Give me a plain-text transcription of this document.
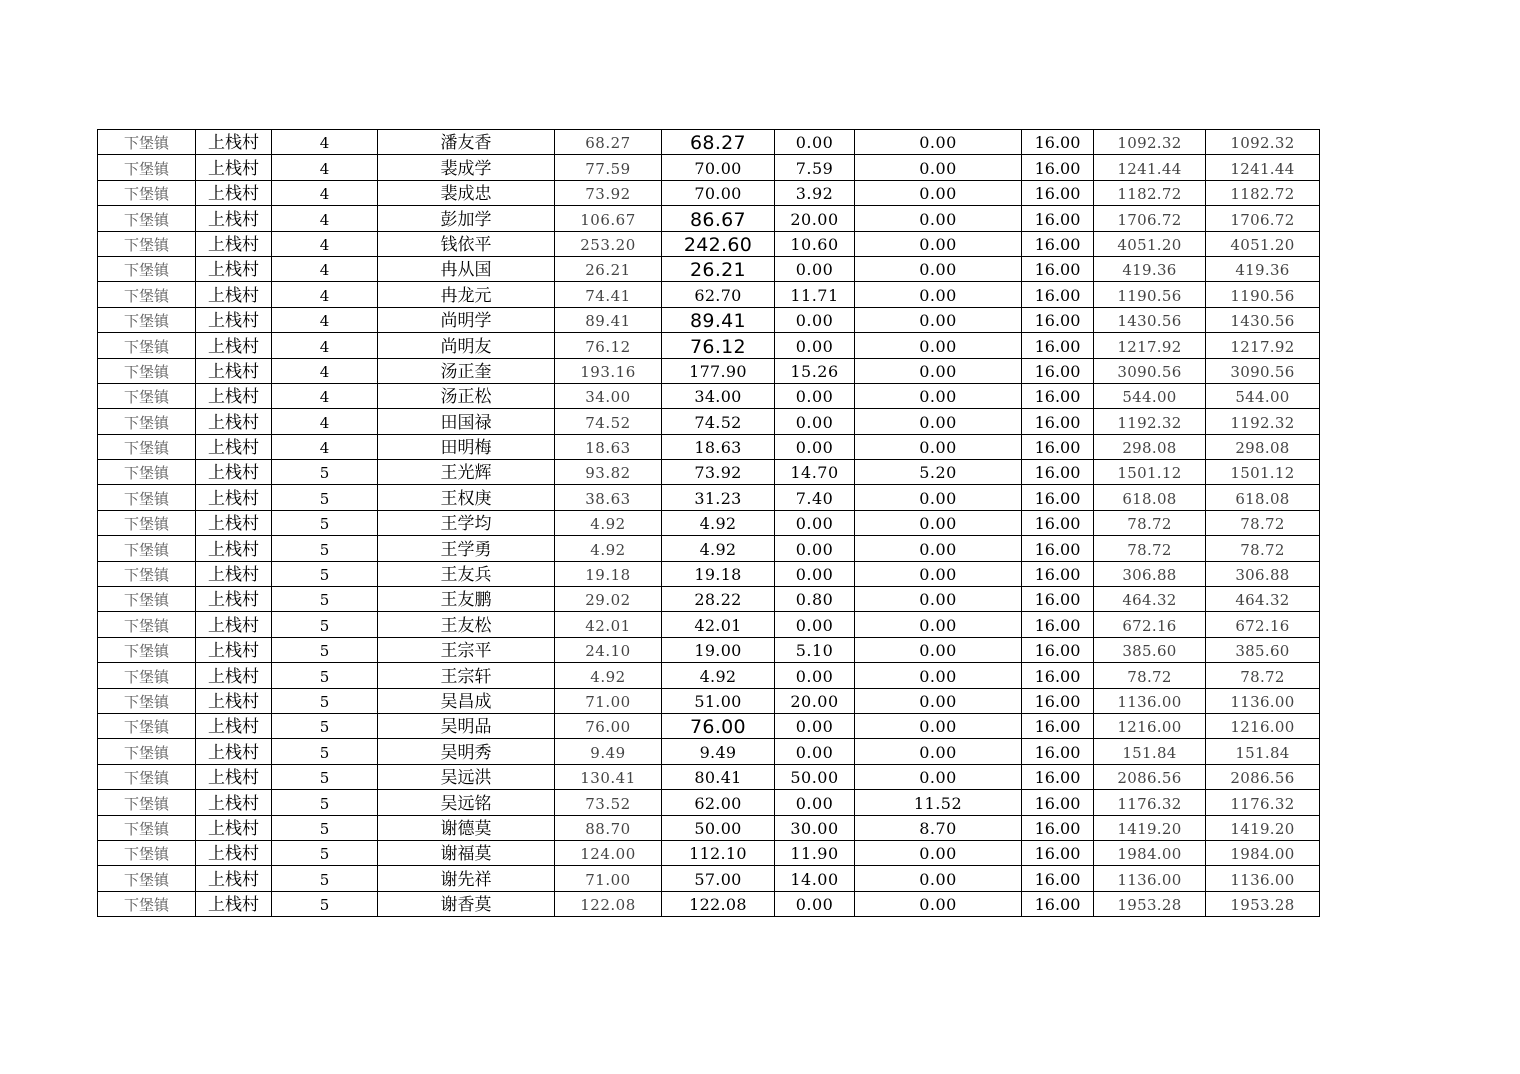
下堡镇	上栈村	4	潘友香	68.27	68.27	0.00	0.00	16.00	1092.32	1092.32
下堡镇	上栈村	4	裴成学	77.59	70.00	7.59	0.00	16.00	1241.44	1241.44
下堡镇	上栈村	4	裴成忠	73.92	70.00	3.92	0.00	16.00	1182.72	1182.72
下堡镇	上栈村	4	彭加学	106.67	86.67	20.00	0.00	16.00	1706.72	1706.72
下堡镇	上栈村	4	钱依平	253.20	242.60	10.60	0.00	16.00	4051.20	4051.20
下堡镇	上栈村	4	冉从国	26.21	26.21	0.00	0.00	16.00	419.36	419.36
下堡镇	上栈村	4	冉龙元	74.41	62.70	11.71	0.00	16.00	1190.56	1190.56
下堡镇	上栈村	4	尚明学	89.41	89.41	0.00	0.00	16.00	1430.56	1430.56
下堡镇	上栈村	4	尚明友	76.12	76.12	0.00	0.00	16.00	1217.92	1217.92
下堡镇	上栈村	4	汤正奎	193.16	177.90	15.26	0.00	16.00	3090.56	3090.56
下堡镇	上栈村	4	汤正松	34.00	34.00	0.00	0.00	16.00	544.00	544.00
下堡镇	上栈村	4	田国禄	74.52	74.52	0.00	0.00	16.00	1192.32	1192.32
下堡镇	上栈村	4	田明梅	18.63	18.63	0.00	0.00	16.00	298.08	298.08
下堡镇	上栈村	5	王光辉	93.82	73.92	14.70	5.20	16.00	1501.12	1501.12
下堡镇	上栈村	5	王权庚	38.63	31.23	7.40	0.00	16.00	618.08	618.08
下堡镇	上栈村	5	王学均	4.92	4.92	0.00	0.00	16.00	78.72	78.72
下堡镇	上栈村	5	王学勇	4.92	4.92	0.00	0.00	16.00	78.72	78.72
下堡镇	上栈村	5	王友兵	19.18	19.18	0.00	0.00	16.00	306.88	306.88
下堡镇	上栈村	5	王友鹏	29.02	28.22	0.80	0.00	16.00	464.32	464.32
下堡镇	上栈村	5	王友松	42.01	42.01	0.00	0.00	16.00	672.16	672.16
下堡镇	上栈村	5	王宗平	24.10	19.00	5.10	0.00	16.00	385.60	385.60
下堡镇	上栈村	5	王宗轩	4.92	4.92	0.00	0.00	16.00	78.72	78.72
下堡镇	上栈村	5	吴昌成	71.00	51.00	20.00	0.00	16.00	1136.00	1136.00
下堡镇	上栈村	5	吴明品	76.00	76.00	0.00	0.00	16.00	1216.00	1216.00
下堡镇	上栈村	5	吴明秀	9.49	9.49	0.00	0.00	16.00	151.84	151.84
下堡镇	上栈村	5	吴远洪	130.41	80.41	50.00	0.00	16.00	2086.56	2086.56
下堡镇	上栈村	5	吴远铭	73.52	62.00	0.00	11.52	16.00	1176.32	1176.32
下堡镇	上栈村	5	谢德莫	88.70	50.00	30.00	8.70	16.00	1419.20	1419.20
下堡镇	上栈村	5	谢福莫	124.00	112.10	11.90	0.00	16.00	1984.00	1984.00
下堡镇	上栈村	5	谢先祥	71.00	57.00	14.00	0.00	16.00	1136.00	1136.00
下堡镇	上栈村	5	谢香莫	122.08	122.08	0.00	0.00	16.00	1953.28	1953.28
